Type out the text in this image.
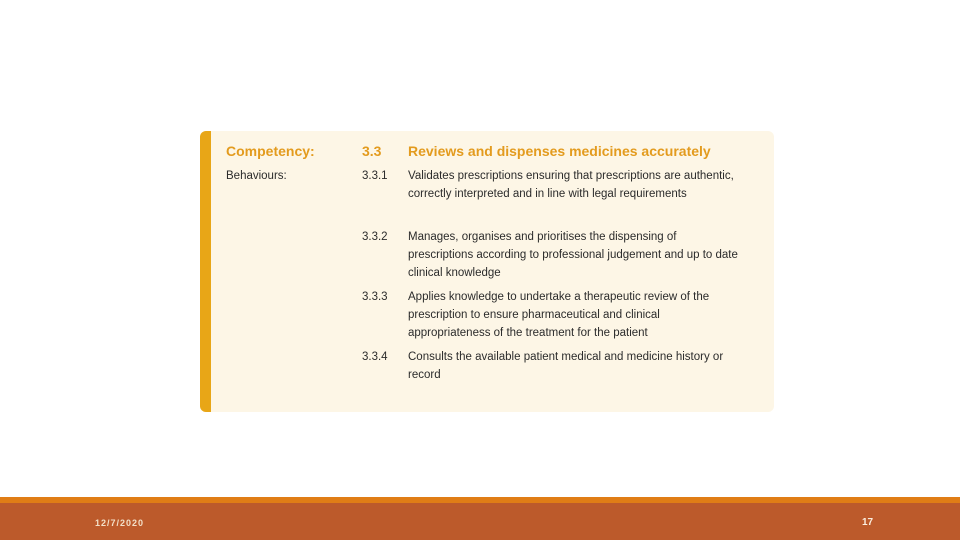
Competency:	3.3 Reviews and dispenses medicines accurately
Behaviours:	3.3.1 Validates prescriptions ensuring that prescriptions are authentic, correctly interpreted and in line with legal requirements
3.3.2 Manages, organises and prioritises the dispensing of prescriptions according to professional judgement and up to date clinical knowledge
3.3.3 Applies knowledge to undertake a therapeutic review of the prescription to ensure pharmaceutical and clinical appropriateness of the treatment for the patient
3.3.4 Consults the available patient medical and medicine history or record
12/7/2020	17
